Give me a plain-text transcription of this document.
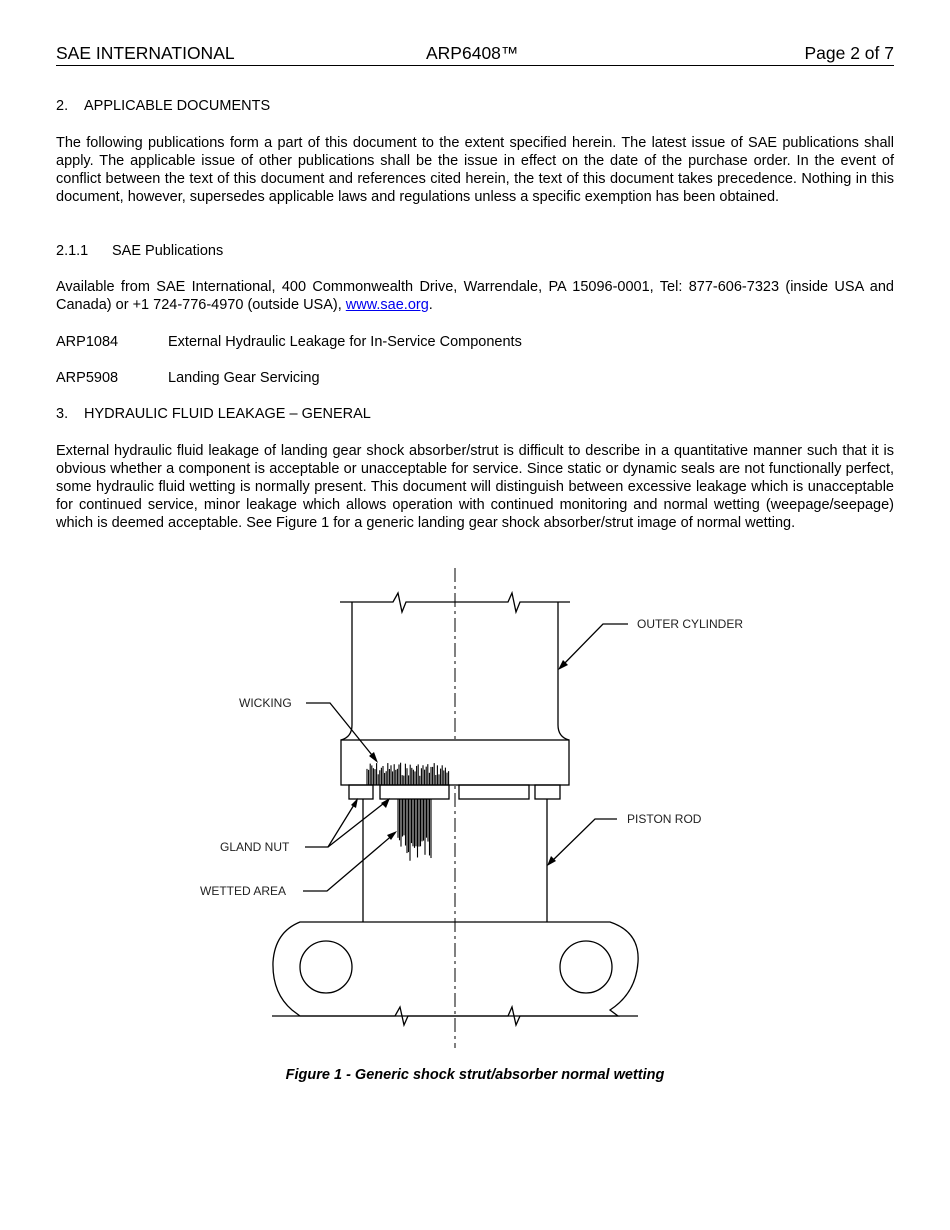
SAE INTERNATIONAL	ARP6408™	Page 2 of 7
2. APPLICABLE DOCUMENTS
The following publications form a part of this document to the extent specified herein. The latest issue of SAE publications shall apply. The applicable issue of other publications shall be the issue in effect on the date of the purchase order. In the event of conflict between the text of this document and references cited herein, the text of this document takes precedence. Nothing in this document, however, supersedes applicable laws and regulations unless a specific exemption has been obtained.
2.1.1 SAE Publications
Available from SAE International, 400 Commonwealth Drive, Warrendale, PA 15096-0001, Tel: 877-606-7323 (inside USA and Canada) or +1 724-776-4970 (outside USA), www.sae.org.
ARP1084	External Hydraulic Leakage for In-Service Components
ARP5908	Landing Gear Servicing
3. HYDRAULIC FLUID LEAKAGE – GENERAL
External hydraulic fluid leakage of landing gear shock absorber/strut is difficult to describe in a quantitative manner such that it is obvious whether a component is acceptable or unacceptable for service. Since static or dynamic seals are not functionally perfect, some hydraulic fluid wetting is normally present. This document will distinguish between excessive leakage which is unacceptable for continued service, minor leakage which allows operation with continued monitoring and normal wetting (weepage/seepage) which is deemed acceptable. See Figure 1 for a generic landing gear shock absorber/strut image of normal wetting.
OUTER CYLINDER
WICKING
PISTON ROD
GLAND NUT
WETTED AREA
Figure 1 - Generic shock strut/absorber normal wetting
